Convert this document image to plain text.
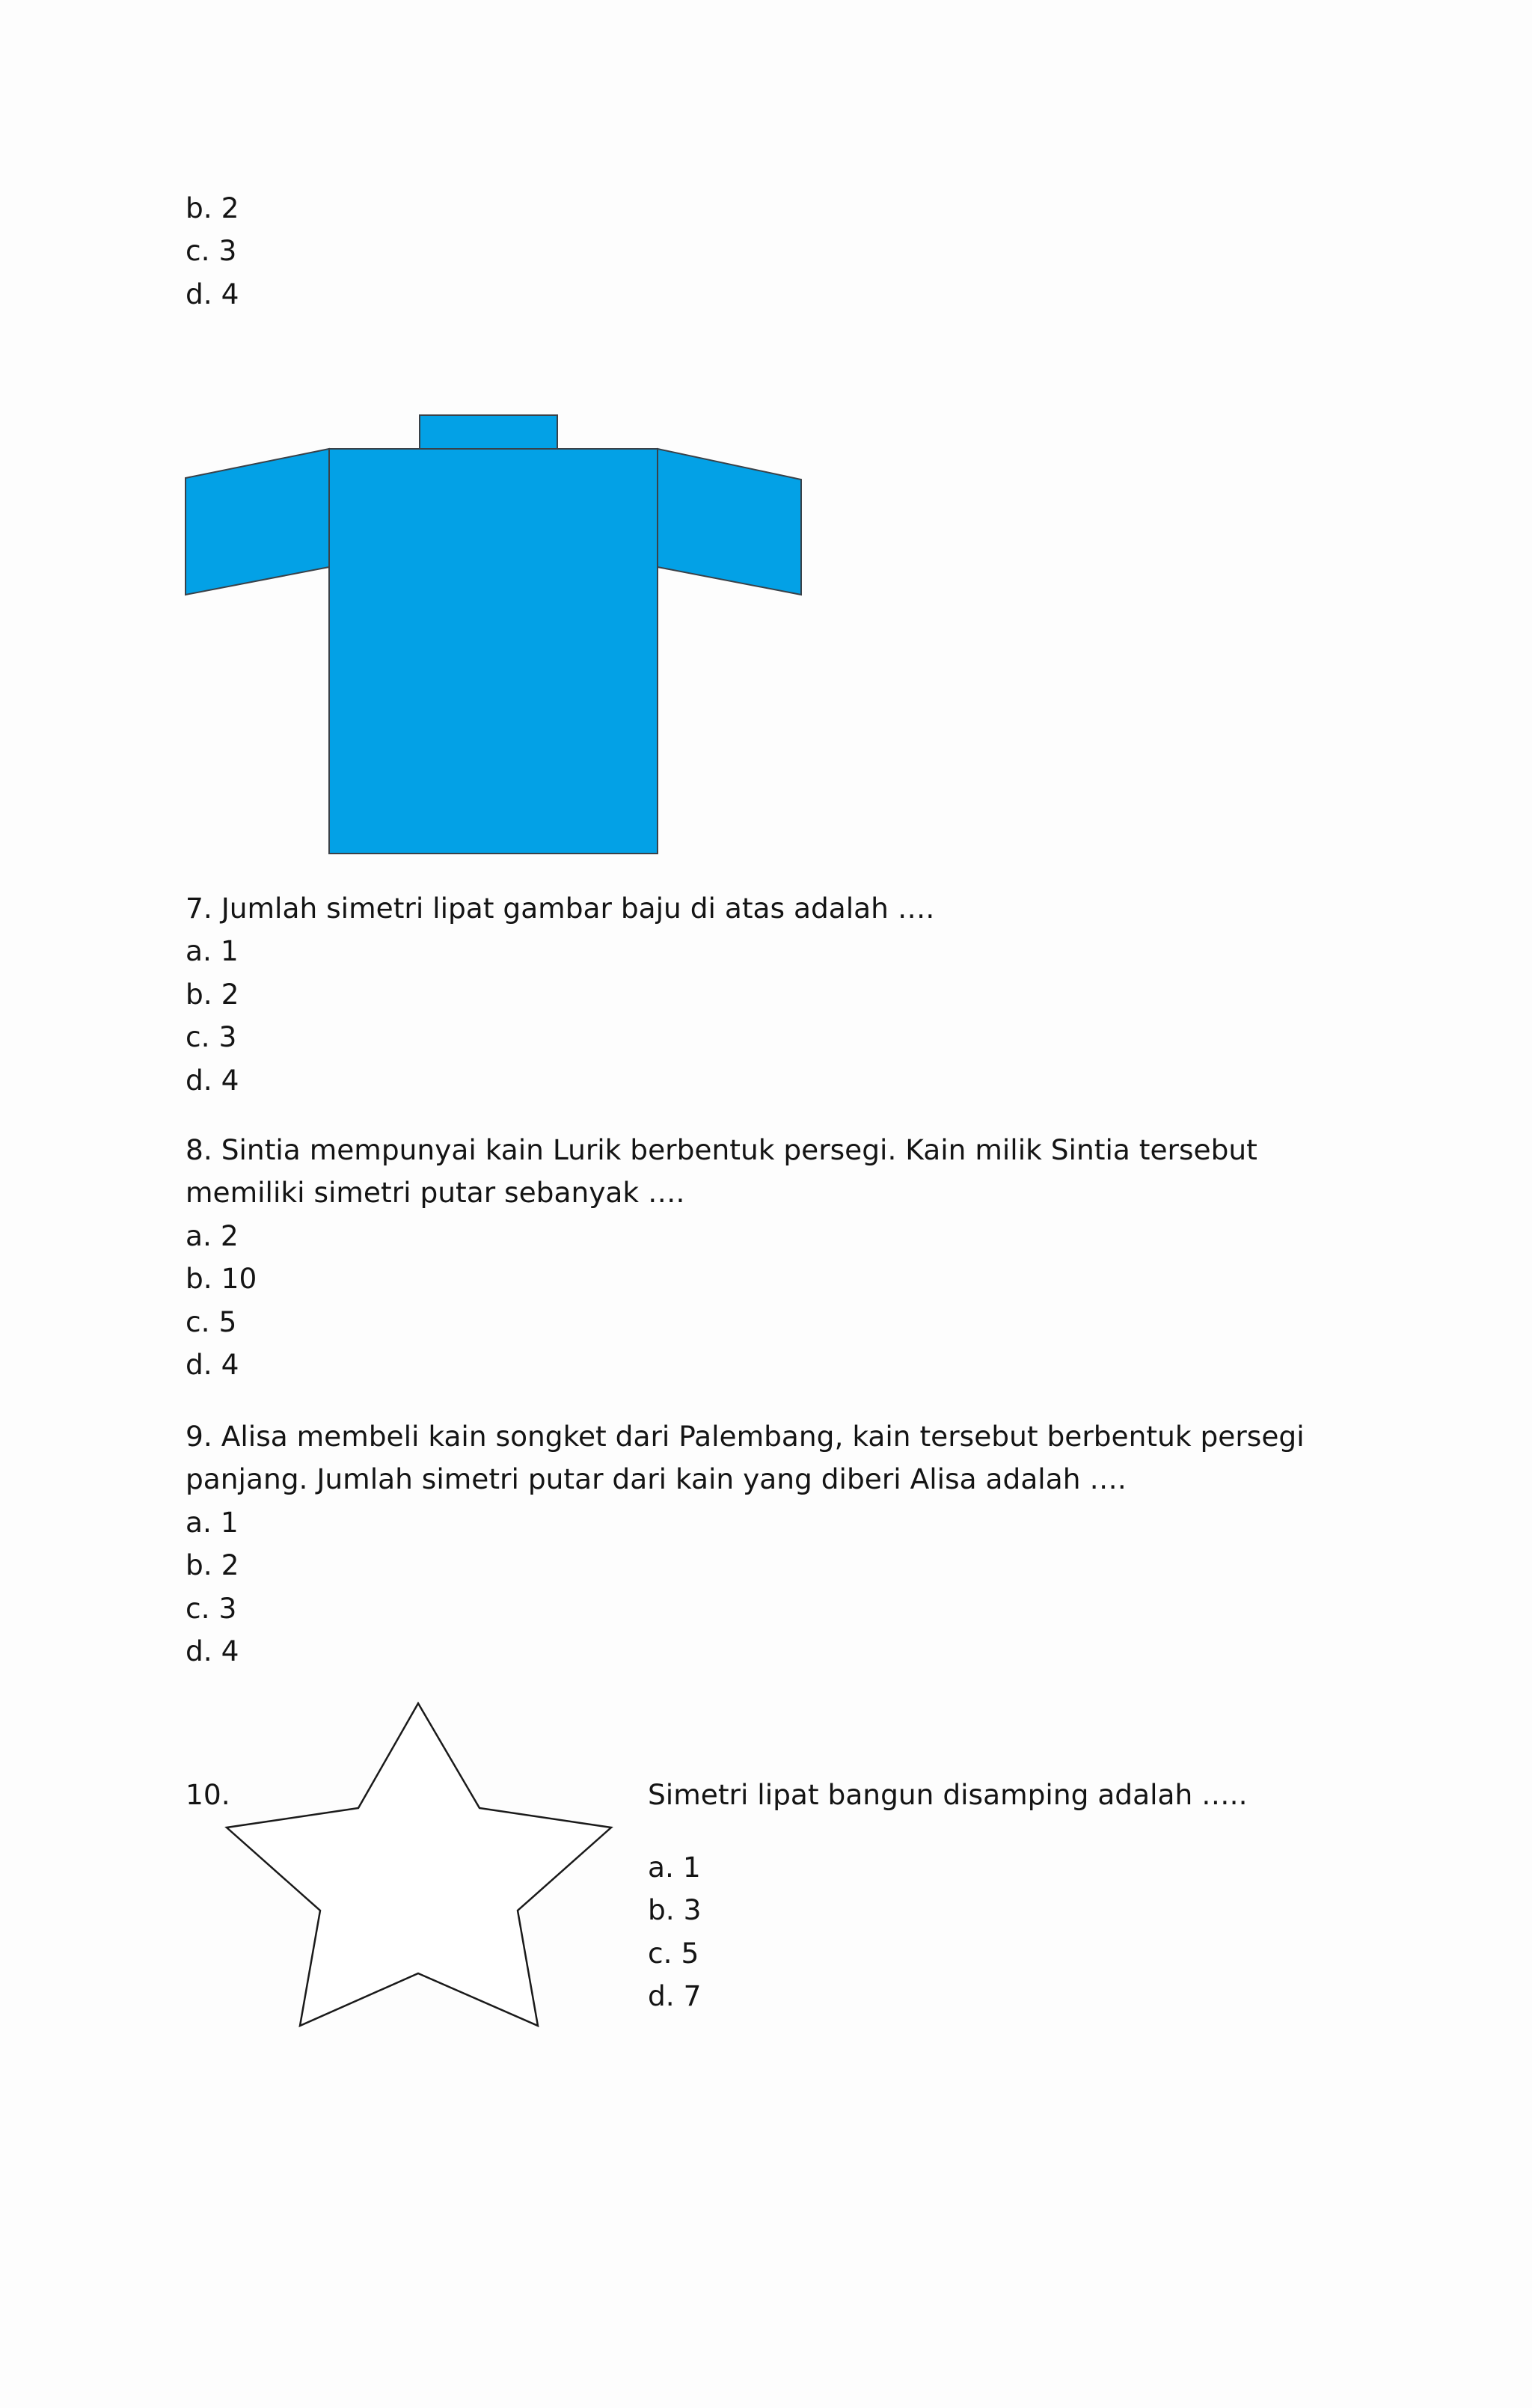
b. 2
c. 3
d. 4
7. Jumlah simetri lipat gambar baju di atas adalah ….
a. 1
b. 2
c. 3
d. 4
8. Sintia mempunyai kain Lurik berbentuk persegi. Kain milik Sintia tersebut
memiliki simetri putar sebanyak ….
a. 2
b. 10
c. 5
d. 4
9. Alisa membeli kain songket dari Palembang, kain tersebut berbentuk persegi
panjang. Jumlah simetri putar dari kain yang diberi Alisa adalah ….
a. 1
b. 2
c. 3
d. 4
10.	Simetri lipat bangun disamping adalah …..
a. 1
b. 3
c. 5
d. 7
